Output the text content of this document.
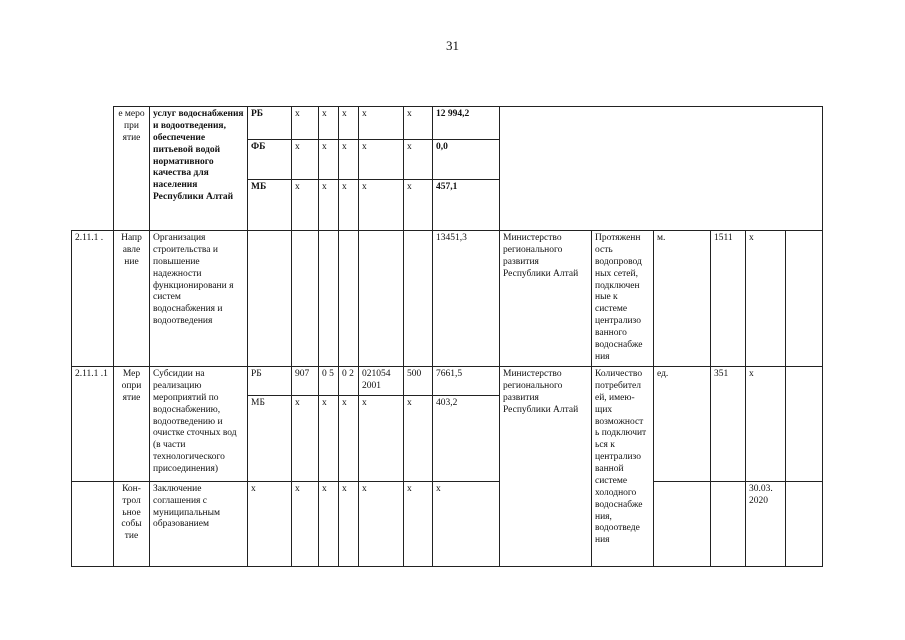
31
	е меро при ятие	услуг водоснабжения и водоотведения, обеспечение питьевой водой нормативного качества для населения Республики Алтай	РБ	х	х	х	х	х	12 994,2						
			ФБ	х	х	х	х	х	0,0						
			МБ	х	х	х	х	х	457,1						
2.11.1 .	Напр авле ние	Организация строительства и повышение надежности функционировани я систем водоснабжения и водоотведения							13451,3	Министерство регионального развития Республики Алтай	Протяженн ость водопровод ных сетей, подключен ные к системе централизо ванного водоснабже ния	м.	1511	х	
2.11.1 .1	Мер опри ятие	Субсидии на реализацию мероприятий по водоснабжению, водоотведению и очистке сточных вод (в части технологического присоединения)	РБ	907	0 5	0 2	021054 2001	500	7661,5	Министерство регионального развития Республики Алтай	Количество потребител ей, имею- щих возможност ь подключит ься к централизо ванной системе холодного водоснабже ния, водоотведе ния	ед.	351	х	
			МБ	х	х	х	х	х	403,2						
	Кон- трол ьное собы тие	Заключение соглашения с муниципальным образованием	х	х	х	х	х	х	х					30.03. 2020	
